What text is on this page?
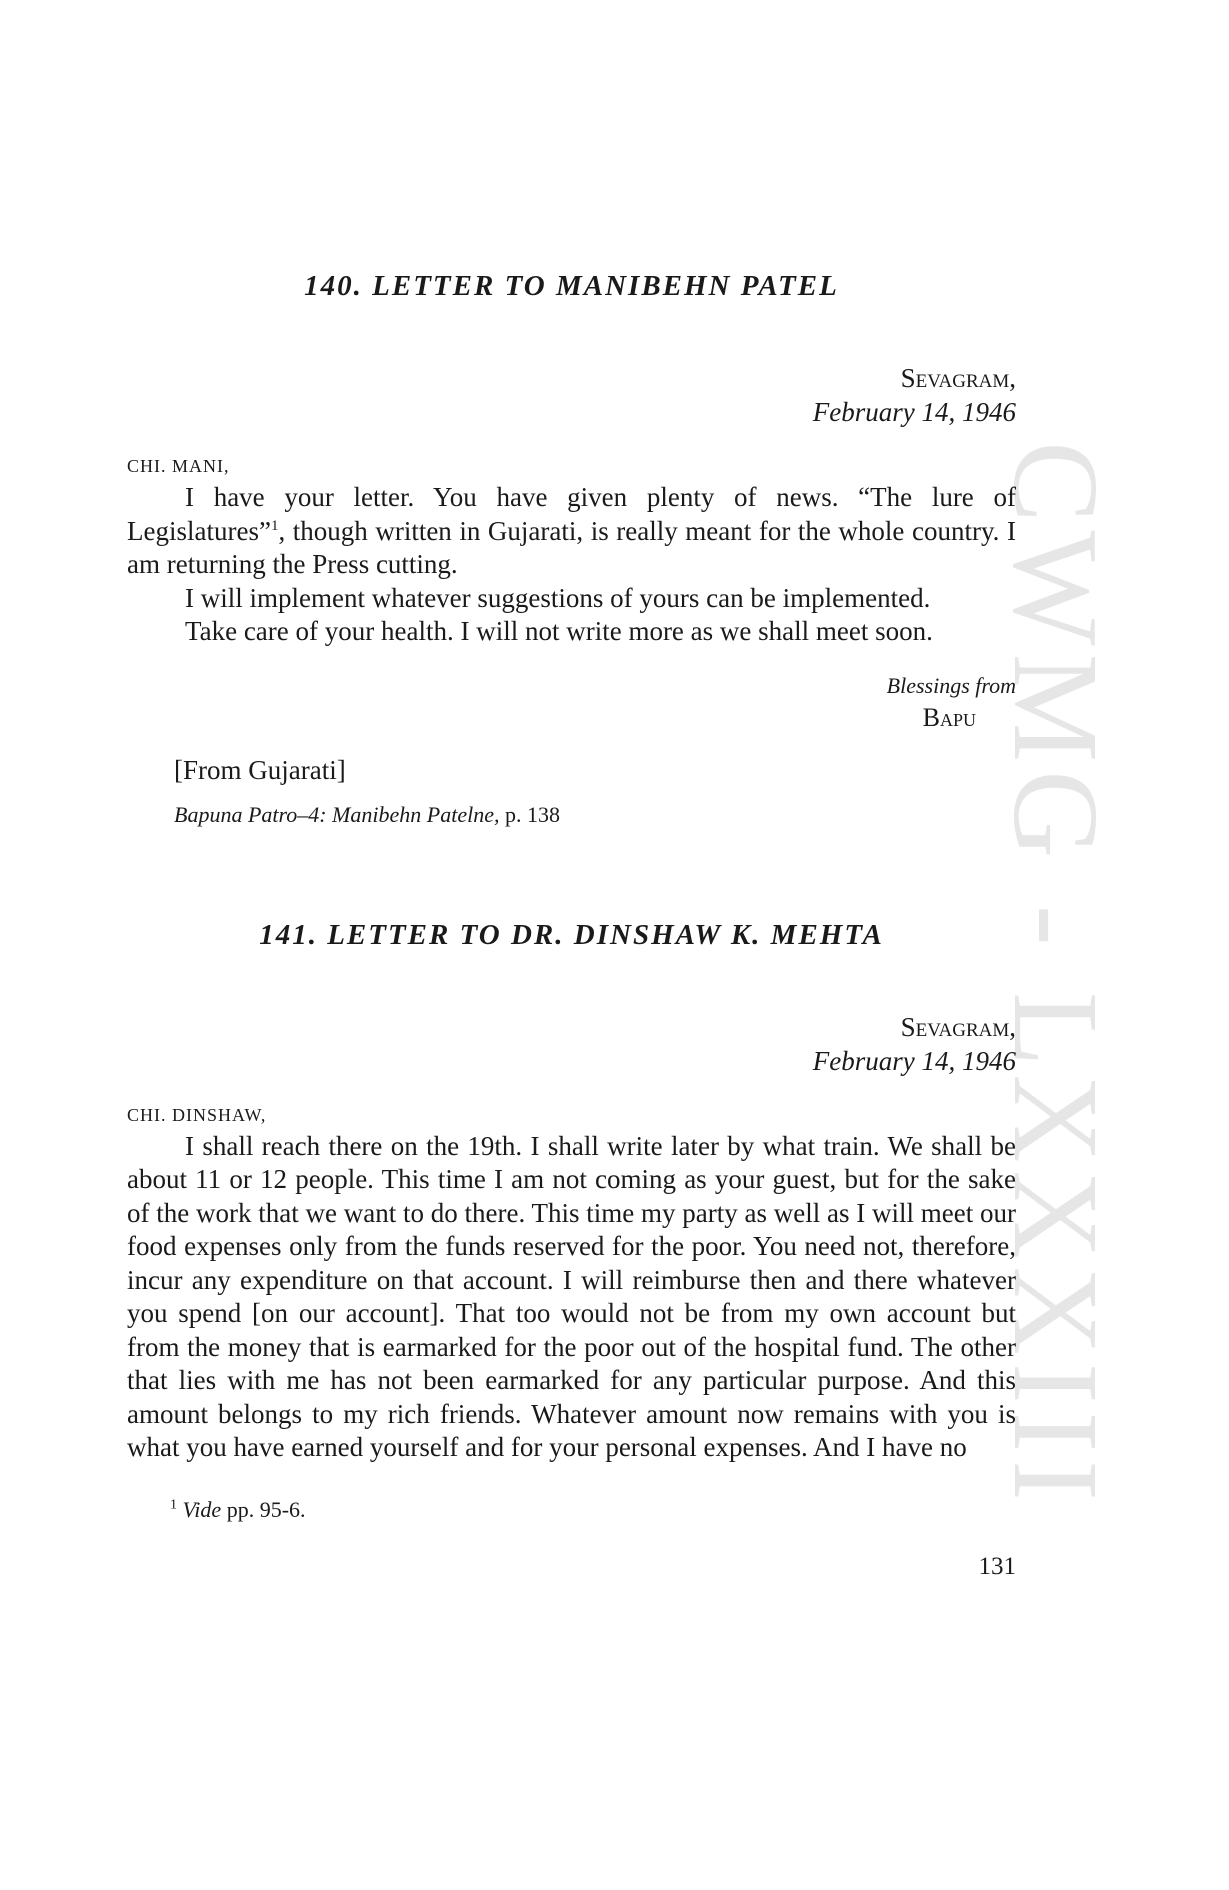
CWMG - LXXXIII
140. LETTER TO MANIBEHN PATEL
Sevagram,
February 14, 1946
CHI. MANI,

I have your letter. You have given plenty of news. “The lure of Legislatures”$^1$, though written in Gujarati, is really meant for the whole country. I am returning the Press cutting.

I will implement whatever suggestions of yours can be implemented.

Take care of your health. I will not write more as we shall meet soon.

Blessings from
Bapu
[From Gujarati]
Bapuna Patro–4: Manibehn Patelne, p. 138
141. LETTER TO DR. DINSHAW K. MEHTA
Sevagram,
February 14, 1946
CHI. DINSHAW,

I shall reach there on the 19th. I shall write later by what train. We shall be about 11 or 12 people. This time I am not coming as your guest, but for the sake of the work that we want to do there. This time my party as well as I will meet our food expenses only from the funds reserved for the poor. You need not, therefore, incur any expenditure on that account. I will reimburse then and there whatever you spend [on our account]. That too would not be from my own account but from the money that is earmarked for the poor out of the hospital fund. The other that lies with me has not been earmarked for any particular purpose. And this amount belongs to my rich friends. Whatever amount now remains with you is what you have earned yourself and for your personal expenses. And I have no

$^1$ Vide pp. 95-6.
131
